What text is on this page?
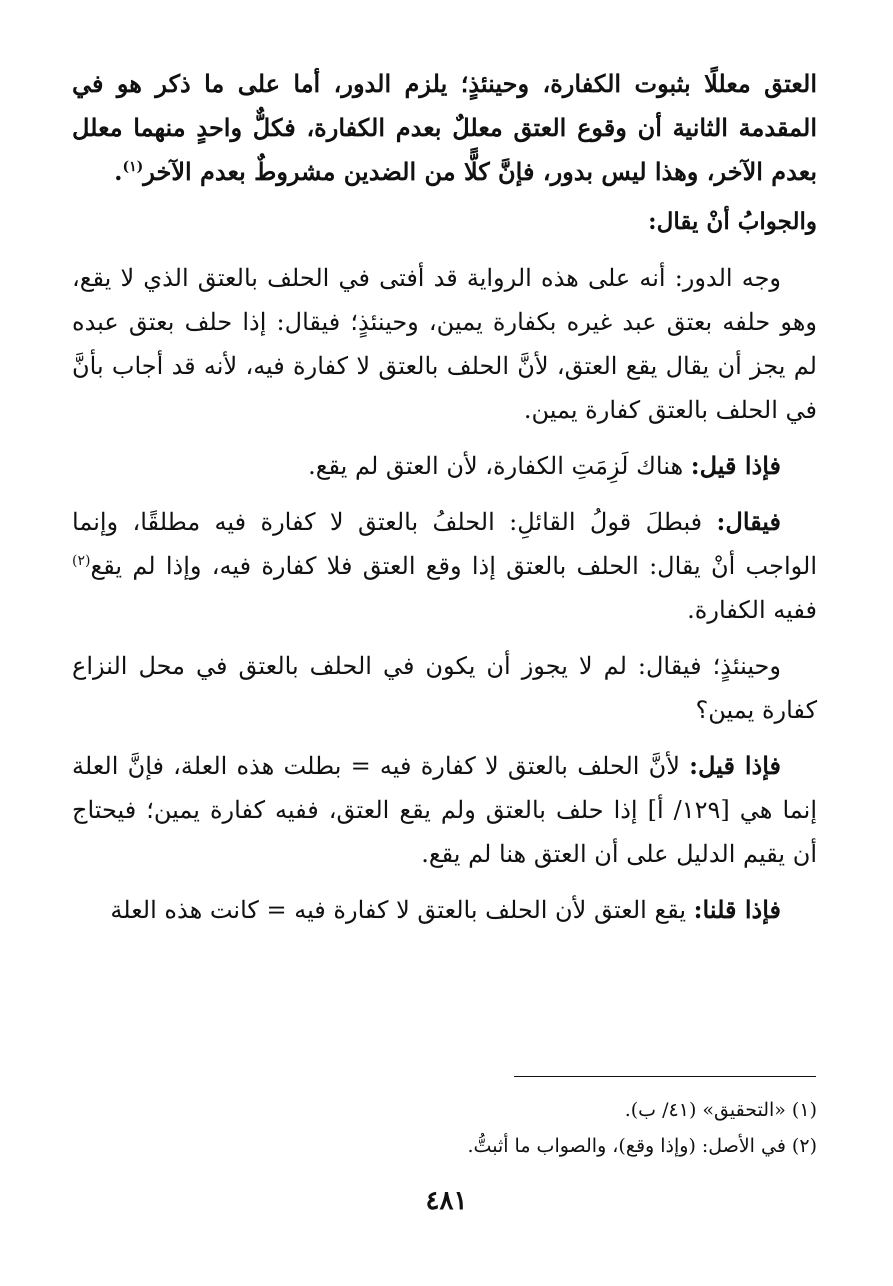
العتق معللًا بثبوت الكفارة، وحينئذٍ؛ يلزم الدور، أما على ما ذكر هو في المقدمة الثانية أن وقوع العتق معللٌ بعدم الكفارة، فكلٌّ واحدٍ منهما معلل بعدم الآخر، وهذا ليس بدور، فإنَّ كلًّا من الضدين مشروطٌ بعدم الآخر$^{(١)}$.

والجوابُ أنْ يقال:

وجه الدور: أنه على هذه الرواية قد أفتى في الحلف بالعتق الذي لا يقع، وهو حلفه بعتق عبد غيره بكفارة يمين، وحينئذٍ؛ فيقال: إذا حلف بعتق عبده لم يجز أن يقال يقع العتق، لأنَّ الحلف بالعتق لا كفارة فيه، لأنه قد أجاب بأنَّ في الحلف بالعتق كفارة يمين.

فإذا قيل: هناك لَزِمَتِ الكفارة، لأن العتق لم يقع.

فيقال: فبطلَ قولُ القائلِ: الحلفُ بالعتق لا كفارة فيه مطلقًا، وإنما الواجب أنْ يقال: الحلف بالعتق إذا وقع العتق فلا كفارة فيه، وإذا لم يقع$^{(٢)}$ ففيه الكفارة.

وحينئذٍ؛ فيقال: لم لا يجوز أن يكون في الحلف بالعتق في محل النزاع كفارة يمين؟

فإذا قيل: لأنَّ الحلف بالعتق لا كفارة فيه = بطلت هذه العلة، فإنَّ العلة إنما هي [١٢٩/ أ] إذا حلف بالعتق ولم يقع العتق، ففيه كفارة يمين؛ فيحتاج أن يقيم الدليل على أن العتق هنا لم يقع.

فإذا قلنا: يقع العتق لأن الحلف بالعتق لا كفارة فيه = كانت هذه العلة

(١) «التحقيق» (٤١/ ب).

(٢) في الأصل: (وإذا وقع)، والصواب ما أثبتُّ.

٤٨١
